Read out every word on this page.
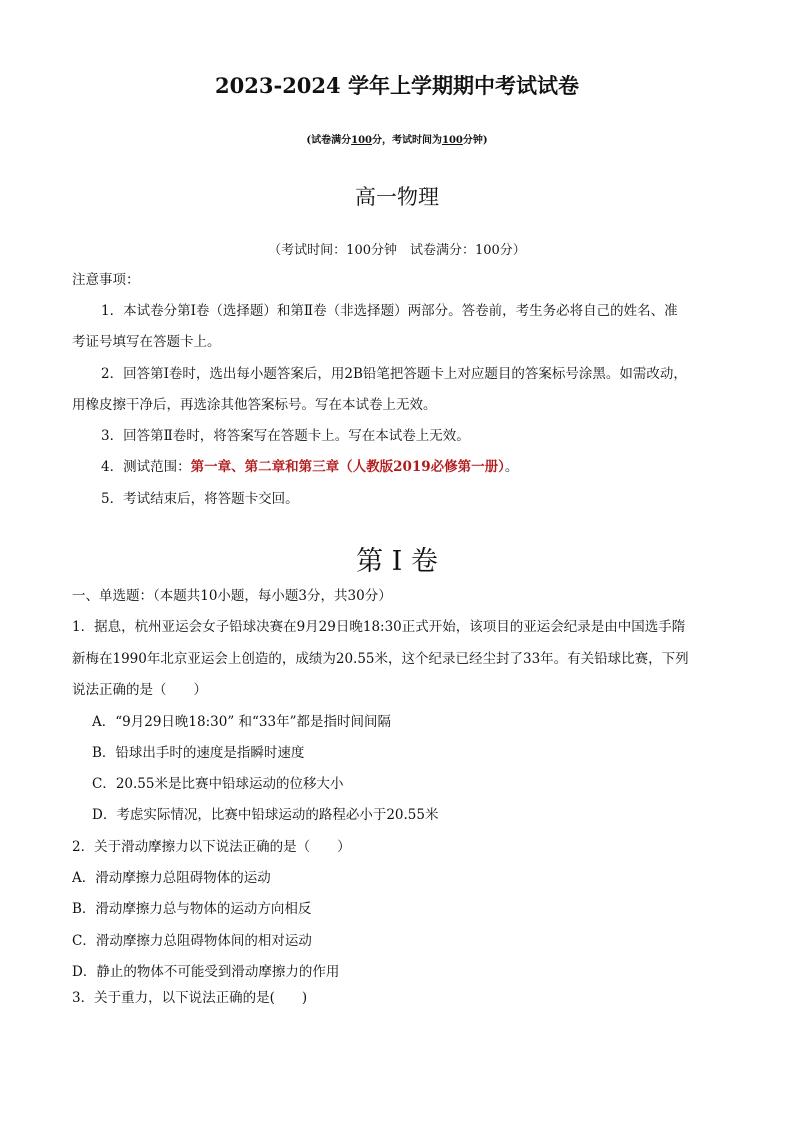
2023-2024 学年上学期期中考试试卷
(试卷满分100分，考试时间为100分钟)
高一物理
（考试时间：100分钟　试卷满分：100分）
注意事项：
1．本试卷分第Ⅰ卷（选择题）和第Ⅱ卷（非选择题）两部分。答卷前，考生务必将自己的姓名、准
考证号填写在答题卡上。
2．回答第Ⅰ卷时，选出每小题答案后，用2B铅笔把答题卡上对应题目的答案标号涂黑。如需改动，
用橡皮擦干净后，再选涂其他答案标号。写在本试卷上无效。
3．回答第Ⅱ卷时，将答案写在答题卡上。写在本试卷上无效。
4．测试范围：第一章、第二章和第三章（人教版2019必修第一册）。
5．考试结束后，将答题卡交回。
第 I 卷
一、单选题：（本题共10小题，每小题3分，共30分）
1．据息，杭州亚运会女子铅球决赛在9月29日晚18:30正式开始，该项目的亚运会纪录是由中国选手隋
新梅在1990年北京亚运会上创造的，成绩为20.55米，这个纪录已经尘封了33年。有关铅球比赛，下列
说法正确的是（　　）
A．“9月29日晚18:30” 和“33年”都是指时间间隔
B．铅球出手时的速度是指瞬时速度
C．20.55米是比赛中铅球运动的位移大小
D．考虑实际情况，比赛中铅球运动的路程必小于20.55米
2．关于滑动摩擦力以下说法正确的是（　　）
A．滑动摩擦力总阻碍物体的运动
B．滑动摩擦力总与物体的运动方向相反
C．滑动摩擦力总阻碍物体间的相对运动
D．静止的物体不可能受到滑动摩擦力的作用
3．关于重力，以下说法正确的是(　　)
